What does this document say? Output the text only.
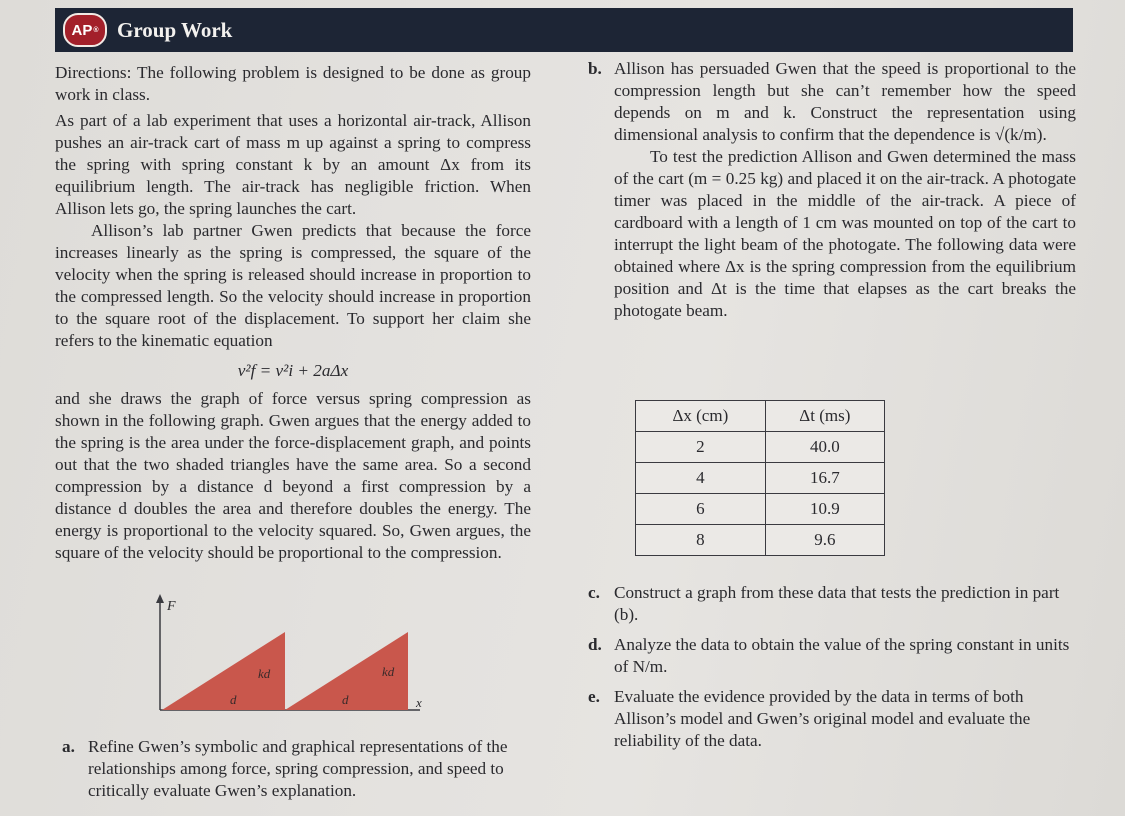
AP ® Group Work

Directions: The following problem is designed to be done as group work in class.

As part of a lab experiment that uses a horizontal air-track, Allison pushes an air-track cart of mass m up against a spring to compress the spring with spring constant k by an amount Δx from its equilibrium length. The air-track has negligible friction. When Allison lets go, the spring launches the cart.

Allison’s lab partner Gwen predicts that because the force increases linearly as the spring is compressed, the square of the velocity when the spring is released should increase in proportion to the compressed length. So the velocity should increase in proportion to the square root of the displacement. To support her claim she refers to the kinematic equation

v²f = v²i + 2aΔx

and she draws the graph of force versus spring compression as shown in the following graph. Gwen argues that the energy added to the spring is the area under the force-displacement graph, and points out that the two shaded triangles have the same area. So a second compression by a distance d beyond a first compression by a distance d doubles the area and therefore doubles the energy. The energy is proportional to the velocity squared. So, Gwen argues, the square of the velocity should be proportional to the compression.

F
kd
d
kd
d	x
a. Refine Gwen’s symbolic and graphical representations of the relationships among force, spring compression, and speed to critically evaluate Gwen’s explanation.
b. Allison has persuaded Gwen that the speed is proportional to the compression length but she can’t remember how the speed depends on m and k. Construct the representation using dimensional analysis to confirm that the dependence is √(k/m).

To test the prediction Allison and Gwen determined the mass of the cart (m = 0.25 kg) and placed it on the air-track. A photogate timer was placed in the middle of the air-track. A piece of cardboard with a length of 1 cm was mounted on top of the cart to interrupt the light beam of the photogate. The following data were obtained where Δx is the spring compression from the equilibrium position and Δt is the time that elapses as the cart breaks the photogate beam.

Δx (cm)	Δt (ms)
2	40.0
4	16.7
6	10.9
8	9.6
c. Construct a graph from these data that tests the prediction in part (b).
d. Analyze the data to obtain the value of the spring constant in units of N/m.
e. Evaluate the evidence provided by the data in terms of both Allison’s model and Gwen’s original model and evaluate the reliability of the data.
